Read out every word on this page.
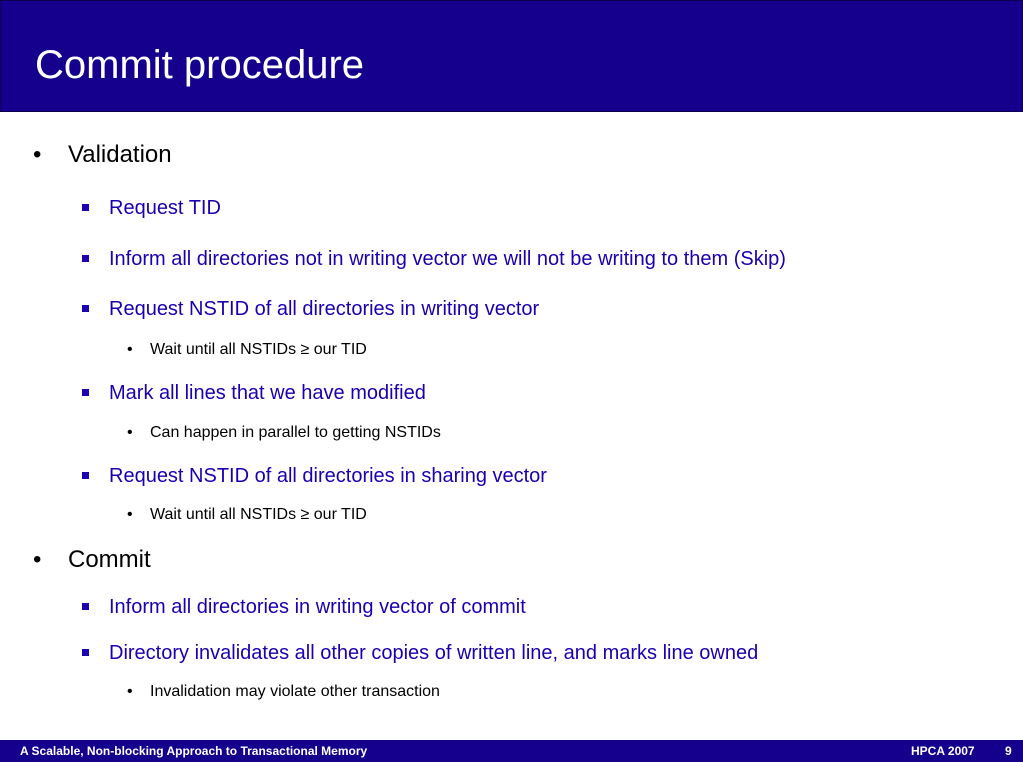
Commit procedure
• Validation
Request TID
Inform all directories not in writing vector we will not be writing to them (Skip)
Request NSTID of all directories in writing vector
• Wait until all NSTIDs ≥ our TID
Mark all lines that we have modified
• Can happen in parallel to getting NSTIDs
Request NSTID of all directories in sharing vector
• Wait until all NSTIDs ≥ our TID
• Commit
Inform all directories in writing vector of commit
Directory invalidates all other copies of written line, and marks line owned
• Invalidation may violate other transaction
A Scalable, Non-blocking Approach to Transactional Memory	HPCA 2007	9
